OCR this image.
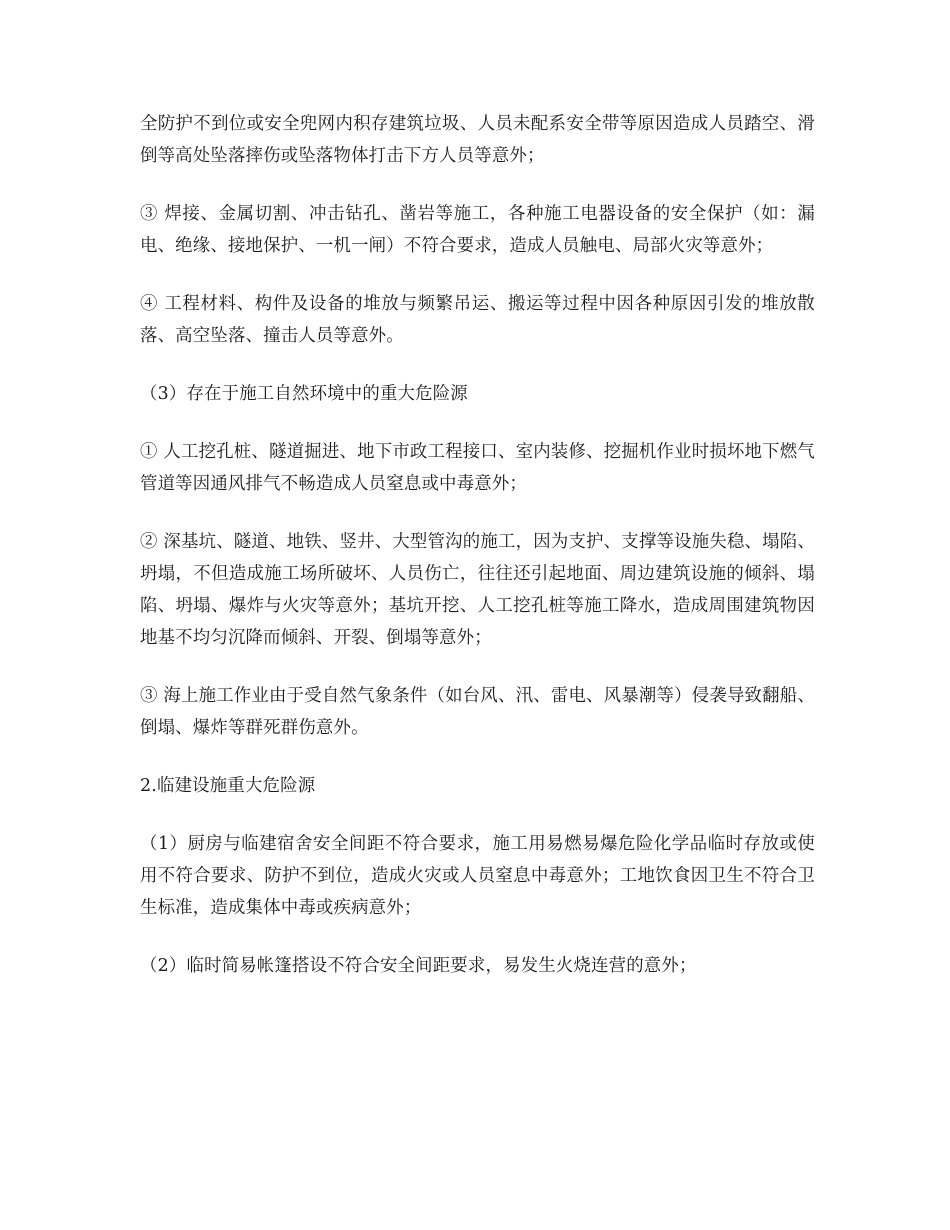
全防护不到位或安全兜网内积存建筑垃圾、人员未配系安全带等原因造成人员踏空、滑倒等高处坠落摔伤或坠落物体打击下方人员等意外；

③ 焊接、金属切割、冲击钻孔、凿岩等施工，各种施工电器设备的安全保护（如：漏电、绝缘、接地保护、一机一闸）不符合要求，造成人员触电、局部火灾等意外；

④ 工程材料、构件及设备的堆放与频繁吊运、搬运等过程中因各种原因引发的堆放散落、高空坠落、撞击人员等意外。

（3）存在于施工自然环境中的重大危险源

① 人工挖孔桩、隧道掘进、地下市政工程接口、室内装修、挖掘机作业时损坏地下燃气管道等因通风排气不畅造成人员窒息或中毒意外；

② 深基坑、隧道、地铁、竖井、大型管沟的施工，因为支护、支撑等设施失稳、塌陷、坍塌，不但造成施工场所破坏、人员伤亡，往往还引起地面、周边建筑设施的倾斜、塌陷、坍塌、爆炸与火灾等意外；基坑开挖、人工挖孔桩等施工降水，造成周围建筑物因地基不均匀沉降而倾斜、开裂、倒塌等意外；

③ 海上施工作业由于受自然气象条件（如台风、汛、雷电、风暴潮等）侵袭导致翻船、倒塌、爆炸等群死群伤意外。

2.临建设施重大危险源

（1）厨房与临建宿舍安全间距不符合要求，施工用易燃易爆危险化学品临时存放或使用不符合要求、防护不到位，造成火灾或人员窒息中毒意外；工地饮食因卫生不符合卫生标准，造成集体中毒或疾病意外；

（2）临时简易帐篷搭设不符合安全间距要求，易发生火烧连营的意外；
